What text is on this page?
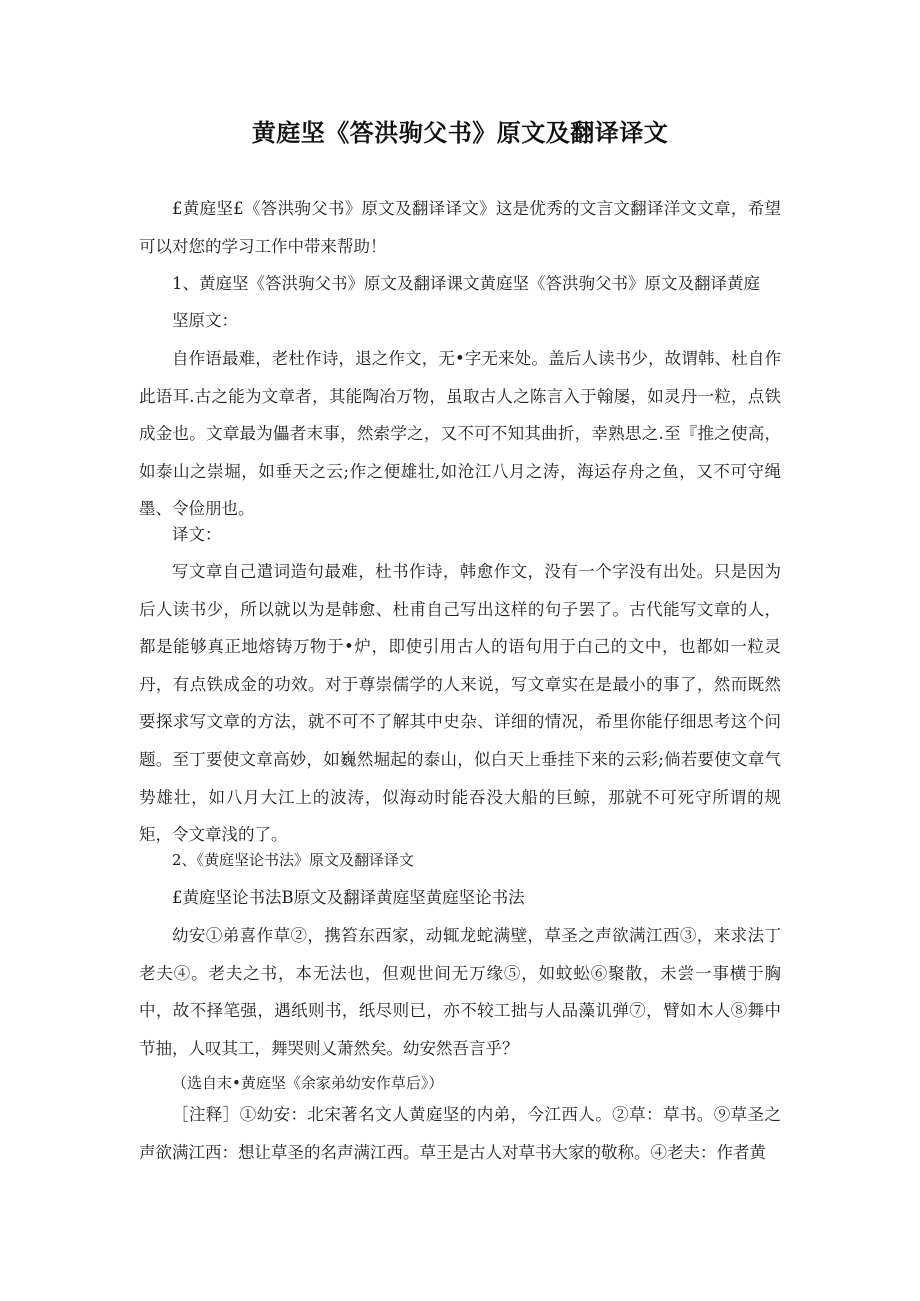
黄庭坚《答洪驹父书》原文及翻译译文

£黄庭坚£《答洪驹父书》原文及翻译译文》这是优秀的文言文翻译洋文文章，希望可以对您的学习工作中带来帮助！

1、黄庭坚《答洪驹父书》原文及翻译课文黄庭坚《答洪驹父书》原文及翻译黄庭
坚原文：

自作语最难，老杜作诗，退之作文，无•字无来处。盖后人读书少，故谓韩、杜自作此语耳.古之能为文章者，其能陶冶万物，虽取古人之陈言入于翰屡，如灵丹一粒，点铁成金也。文章最为儡者末事，然索学之，又不可不知其曲折，幸熟思之.至『推之使高，如泰山之崇堀，如垂天之云;作之便雄壮,如沧江八月之涛，海运存舟之鱼，又不可守绳墨、令俭朋也。

译文：

写文章自己遣词造句最难，杜书作诗，韩愈作文，没有一个字没有出处。只是因为后人读书少，所以就以为是韩愈、杜甫自己写出这样的句子罢了。古代能写文章的人，都是能够真正地熔铸万物于•炉，即使引用古人的语句用于白己的文中，也都如一粒灵丹，有点铁成金的功效。对于尊崇儒学的人来说，写文章实在是最小的事了，然而既然要探求写文章的方法，就不可不了解其中史杂、详细的情况，希里你能仔细思考这个问题。至丁要使文章高妙，如巍然堀起的泰山，似白天上垂挂下来的云彩;倘若要使文章气势雄壮，如八月大江上的波涛，似海动时能吞没大船的巨鲸，那就不可死守所谓的规矩，令文章浅的了。

2、《黄庭坚论书法》原文及翻译译文
£黄庭坚论书法B原文及翻译黄庭坚黄庭坚论书法

幼安①弟喜作草②，携笞东西家，动辄龙蛇满壁，草圣之声欲满江西③，来求法丁老夫④。老夫之书，本无法也，但观世间无万缘⑤，如蚊蚣⑥聚散，未尝一事横于胸中，故不择笔强，遇纸则书，纸尽则已，亦不较工拙与人品藻讥弹⑦，臂如木人⑧舞中节抽，人叹其工，舞哭则乂萧然矣。幼安然吾言乎？

（选自末•黄庭坚《余家弟幼安作草后》）

［注释］①幼安：北宋著名文人黄庭坚的内弟，今江西人。②草：草书。⑨草圣之声欲满江西：想让草圣的名声满江西。草王是古人对草书大家的敬称。④老夫：作者黄
